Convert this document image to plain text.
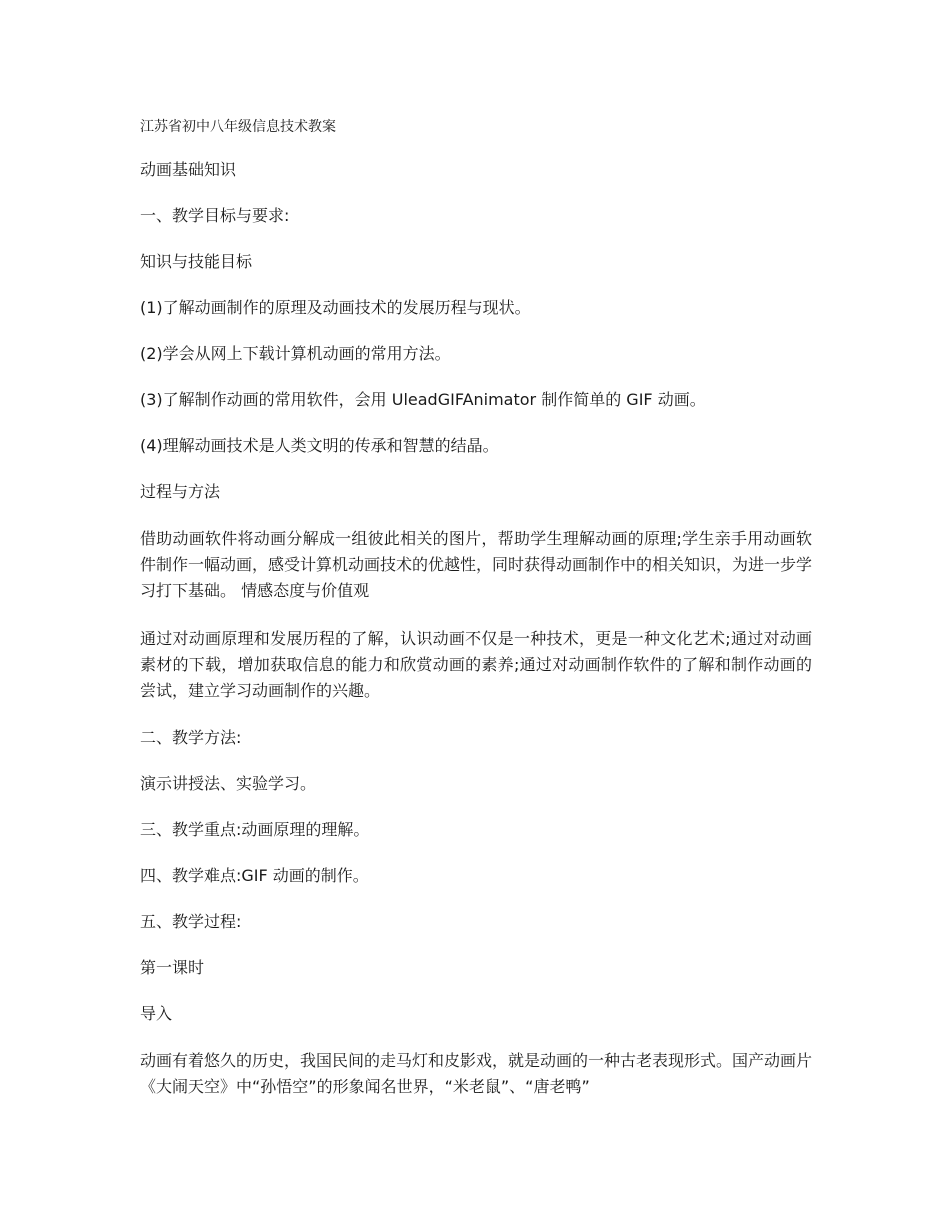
江苏省初中八年级信息技术教案

动画基础知识

一、教学目标与要求:

知识与技能目标

(1)了解动画制作的原理及动画技术的发展历程与现状。

(2)学会从网上下载计算机动画的常用方法。

(3)了解制作动画的常用软件，会用 UleadGIFAnimator 制作简单的 GIF 动画。

(4)理解动画技术是人类文明的传承和智慧的结晶。

过程与方法

借助动画软件将动画分解成一组彼此相关的图片，帮助学生理解动画的原理;学生亲手用动画软件制作一幅动画，感受计算机动画技术的优越性，同时获得动画制作中的相关知识，为进一步学习打下基础。 情感态度与价值观

通过对动画原理和发展历程的了解，认识动画不仅是一种技术，更是一种文化艺术;通过对动画素材的下载，增加获取信息的能力和欣赏动画的素养;通过对动画制作软件的了解和制作动画的尝试，建立学习动画制作的兴趣。

二、教学方法:

演示讲授法、实验学习。

三、教学重点:动画原理的理解。

四、教学难点:GIF 动画的制作。

五、教学过程:

第一课时

导入

动画有着悠久的历史，我国民间的走马灯和皮影戏，就是动画的一种古老表现形式。国产动画片《大闹天空》中“孙悟空”的形象闻名世界，“米老鼠”、“唐老鸭”
